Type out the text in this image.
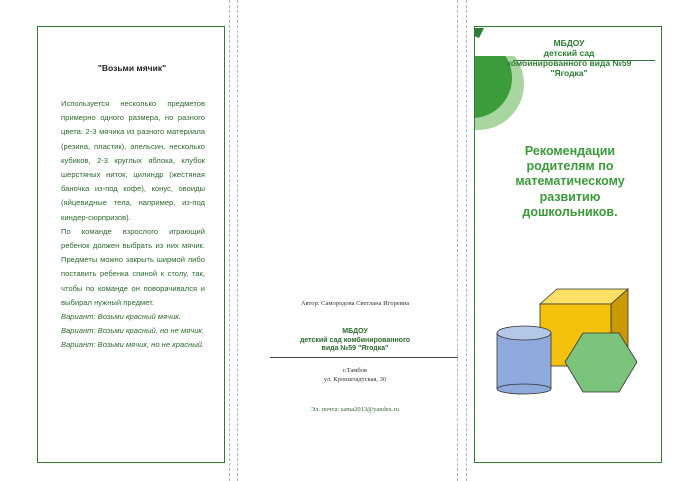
"Возьми мячик"

Используется несколько предметов примерно одного размера, но разного цвета: 2-3 мячика из разного материала (резина, пластик), апельсин, несколько кубиков, 2-3 круглых яблока, клубок шерстяных ниток, цилиндр (жестяная баночка из-под кофе), конус, овоиды (яйцевидные тела, например, из-под киндер-сюрпризов).

По команде взрослого играющий ребенок должен выбрать из них мячик. Предметы можно закрыть ширмой либо поставить ребенка спиной к столу, так, чтобы по команде он поворачивался и выбирал нужный предмет.

Вариант: Возьми красный мячик.

Вариант: Возьми красный, но не мячик.

Вариант: Возьми мячик, но не красный.

Автор: Самородова Светлана Игоревна
МБДОУ
детский сад комбинированного
вида №59 "Ягодка"
г.Тамбов
ул. Кронштадтская, 30
Эл. почта: sama2013@yandex.ru
МБДОУ
детский сад
комбинированного вида №59
"Ягодка"
Рекомендации родителям по математическому развитию дошкольников.
